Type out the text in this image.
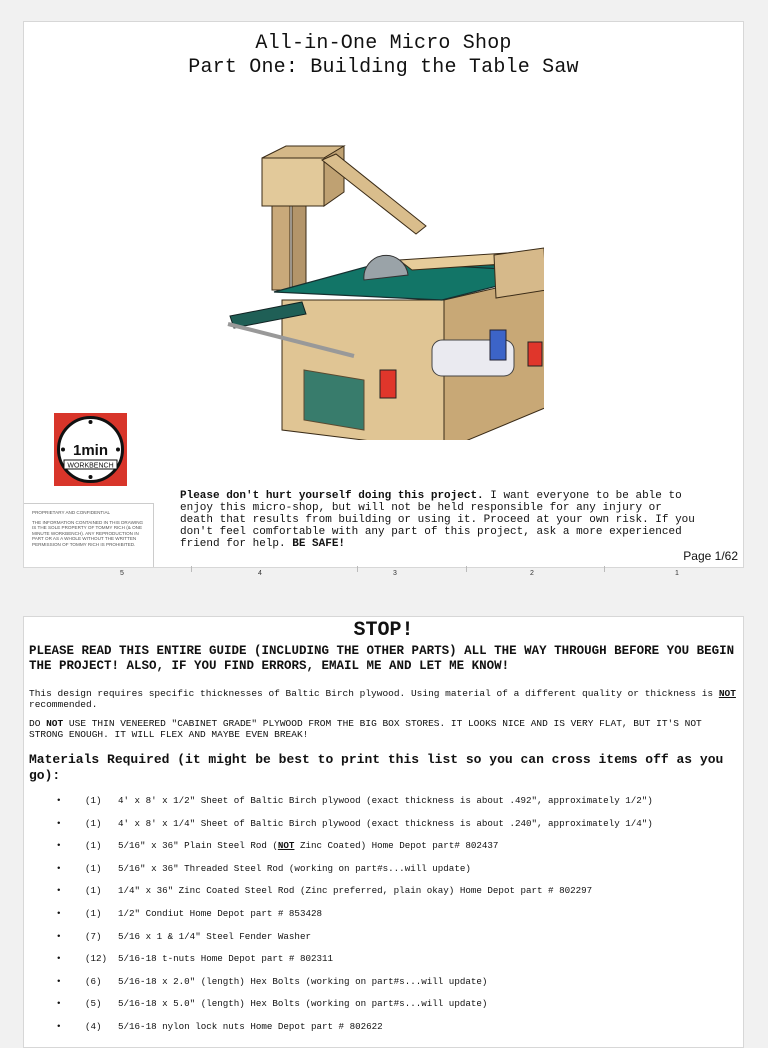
All-in-One Micro Shop
Part One: Building the Table Saw
1min
WORKBENCH
PROPRIETARY AND CONFIDENTIAL
THE INFORMATION CONTAINED IN THIS DRAWING IS THE SOLE PROPERTY OF TOMMY RICH (& ONE MINUTE WORKBENCH). ANY REPRODUCTION IN PART OR AS A WHOLE WITHOUT THE WRITTEN PERMISSION OF TOMMY RICH IS PROHIBITED.
Please don't hurt yourself doing this project. I want everyone to be able to enjoy this micro-shop, but will not be held responsible for any injury or death that results from building or using it. Proceed at your own risk. If you don't feel comfortable with any part of this project, ask a more experienced friend for help. BE SAFE!
Page 1/62
5	4	3	2	1
STOP!
PLEASE READ THIS ENTIRE GUIDE (INCLUDING THE OTHER PARTS) ALL THE WAY THROUGH BEFORE YOU BEGIN THE PROJECT! ALSO, IF YOU FIND ERRORS, EMAIL ME AND LET ME KNOW!
This design requires specific thicknesses of Baltic Birch plywood. Using material of a different quality or thickness is NOT recommended.
DO NOT USE THIN VENEERED "CABINET GRADE" PLYWOOD FROM THE BIG BOX STORES. IT LOOKS NICE AND IS VERY FLAT, BUT IT'S NOT STRONG ENOUGH. IT WILL FLEX AND MAYBE EVEN BREAK!
Materials Required (it might be best to print this list so you can cross items off as you go):
•	(1) 4' x 8' x 1/2" Sheet of Baltic Birch plywood (exact thickness is about .492", approximately 1/2")
•	(1) 4' x 8' x 1/4" Sheet of Baltic Birch plywood (exact thickness is about .240", approximately 1/4")
•	(1) 5/16" x 36" Plain Steel Rod (NOT Zinc Coated) Home Depot part# 802437
•	(1) 5/16" x 36" Threaded Steel Rod (working on part#s...will update)
•	(1) 1/4" x 36" Zinc Coated Steel Rod (Zinc preferred, plain okay) Home Depot part # 802297
•	(1) 1/2" Condiut Home Depot part # 853428
•	(7) 5/16 x 1 & 1/4" Steel Fender Washer
•	(12) 5/16-18 t-nuts Home Depot part # 802311
•	(6) 5/16-18 x 2.0" (length) Hex Bolts (working on part#s...will update)
•	(5) 5/16-18 x 5.0" (length) Hex Bolts (working on part#s...will update)
•	(4) 5/16-18 nylon lock nuts Home Depot part # 802622
